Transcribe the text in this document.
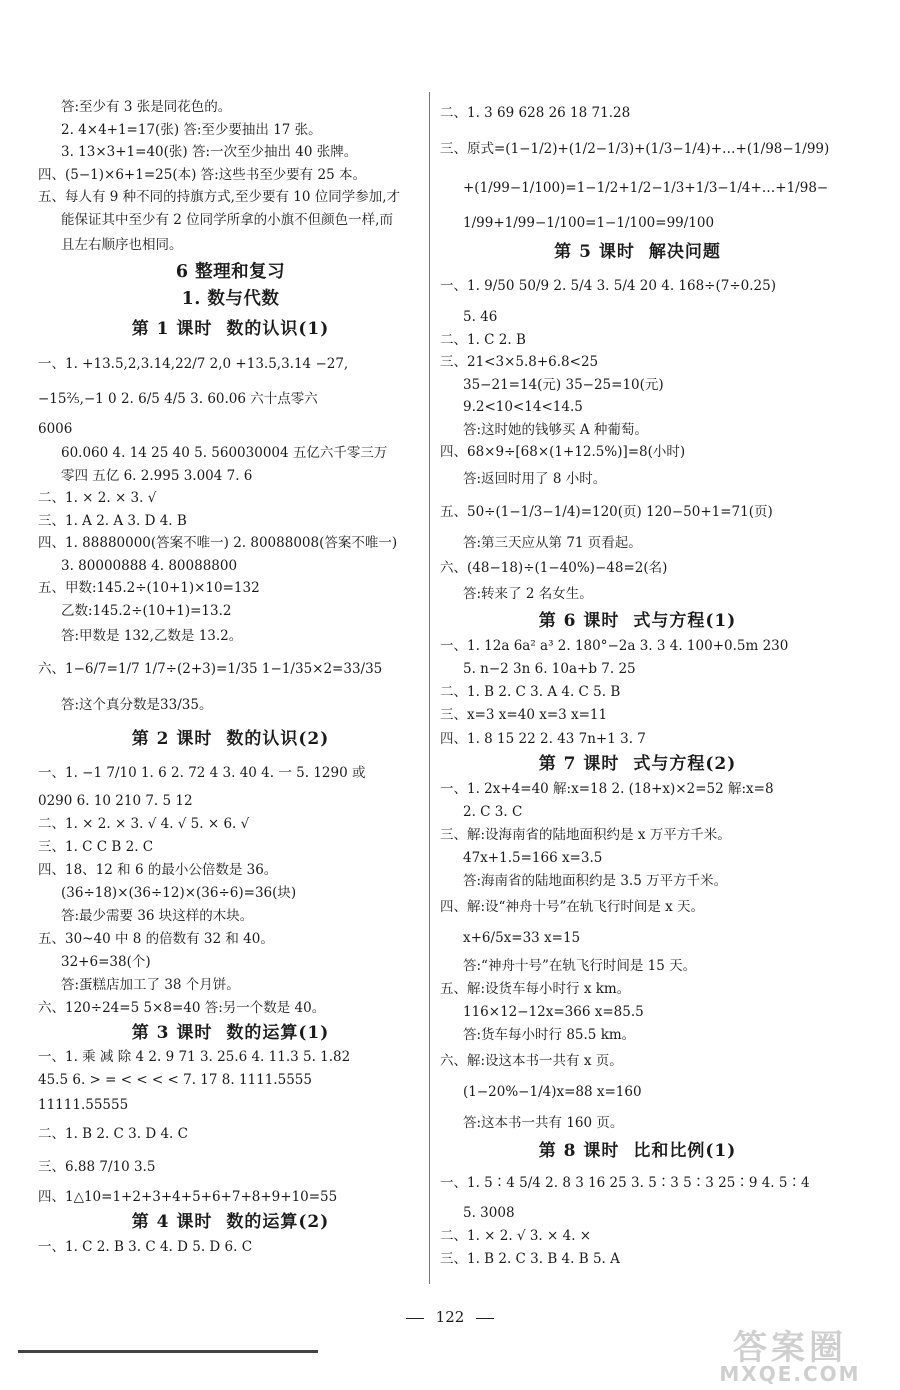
答:至少有 3 张是同花色的。
2. 4×4+1=17(张) 答:至少要抽出 17 张。
3. 13×3+1=40(张) 答:一次至少抽出 40 张牌。
四、(5−1)×6+1=25(本) 答:这些书至少要有 25 本。
五、每人有 9 种不同的持旗方式,至少要有 10 位同学参加,才
能保证其中至少有 2 位同学所拿的小旗不但颜色一样,而
且左右顺序也相同。
6 整理和复习
1. 数与代数
第 1 课时 数的认识(1)
一、1. +13.5,2,3.14,22/7 2,0 +13.5,3.14 −27,
−15⅖,−1 0 2. 6/5 4/5 3. 60.06 六十点零六
6006
60.060 4. 14 25 40 5. 560030004 五亿六千零三万
零四 五亿 6. 2.995 3.004 7. 6
二、1. × 2. × 3. √
三、1. A 2. A 3. D 4. B
四、1. 88880000(答案不唯一) 2. 80088008(答案不唯一)
3. 80000888 4. 80088800
五、甲数:145.2÷(10+1)×10=132
乙数:145.2÷(10+1)=13.2
答:甲数是 132,乙数是 13.2。
六、1−6/7=1/7 1/7÷(2+3)=1/35 1−1/35×2=33/35
答:这个真分数是33/35。
第 2 课时 数的认识(2)
一、1. −1 7/10 1. 6 2. 72 4 3. 40 4. 一 5. 1290 或
0290 6. 10 210 7. 5 12
二、1. × 2. × 3. √ 4. √ 5. × 6. √
三、1. C C B 2. C
四、18、12 和 6 的最小公倍数是 36。
(36÷18)×(36÷12)×(36÷6)=36(块)
答:最少需要 36 块这样的木块。
五、30~40 中 8 的倍数有 32 和 40。
32+6=38(个)
答:蛋糕店加工了 38 个月饼。
六、120÷24=5 5×8=40 答:另一个数是 40。
第 3 课时 数的运算(1)
一、1. 乘 减 除 4 2. 9 71 3. 25.6 4. 11.3 5. 1.82
45.5 6. > = < < < < 7. 17 8. 1111.5555
11111.55555
二、1. B 2. C 3. D 4. C
三、6.88 7/10 3.5
四、1△10=1+2+3+4+5+6+7+8+9+10=55
第 4 课时 数的运算(2)
一、1. C 2. B 3. C 4. D 5. D 6. C
二、1. 3 69 628 26 18 71.28
三、原式=(1−1/2)+(1/2−1/3)+(1/3−1/4)+…+(1/98−1/99)
+(1/99−1/100)=1−1/2+1/2−1/3+1/3−1/4+…+1/98−
1/99+1/99−1/100=1−1/100=99/100
第 5 课时 解决问题
一、1. 9/50 50/9 2. 5/4 3. 5/4 20 4. 168÷(7÷0.25)
5. 46
二、1. C 2. B
三、21<3×5.8+6.8<25
35−21=14(元) 35−25=10(元)
9.2<10<14<14.5
答:这时她的钱够买 A 种葡萄。
四、68×9÷[68×(1+12.5%)]=8(小时)
答:返回时用了 8 小时。
五、50÷(1−1/3−1/4)=120(页) 120−50+1=71(页)
答:第三天应从第 71 页看起。
六、(48−18)÷(1−40%)−48=2(名)
答:转来了 2 名女生。
第 6 课时 式与方程(1)
一、1. 12a 6a² a³ 2. 180°−2a 3. 3 4. 100+0.5m 230
5. n−2 3n 6. 10a+b 7. 25
二、1. B 2. C 3. A 4. C 5. B
三、x=3 x=40 x=3 x=11
四、1. 8 15 22 2. 43 7n+1 3. 7
第 7 课时 式与方程(2)
一、1. 2x+4=40 解:x=18 2. (18+x)×2=52 解:x=8
2. C 3. C
三、解:设海南省的陆地面积约是 x 万平方千米。
47x+1.5=166 x=3.5
答:海南省的陆地面积约是 3.5 万平方千米。
四、解:设“神舟十号”在轨飞行时间是 x 天。
x+6/5x=33 x=15
答:“神舟十号”在轨飞行时间是 15 天。
五、解:设货车每小时行 x km。
116×12−12x=366 x=85.5
答:货车每小时行 85.5 km。
六、解:设这本书一共有 x 页。
(1−20%−1/4)x=88 x=160
答:这本书一共有 160 页。
第 8 课时 比和比例(1)
一、1. 5∶4 5/4 2. 8 3 16 25 3. 5∶3 5∶3 25∶9 4. 5∶4
5. 3008
二、1. × 2. √ 3. × 4. ×
三、1. B 2. C 3. B 4. B 5. A
122
答案圈
MXQE.COM
